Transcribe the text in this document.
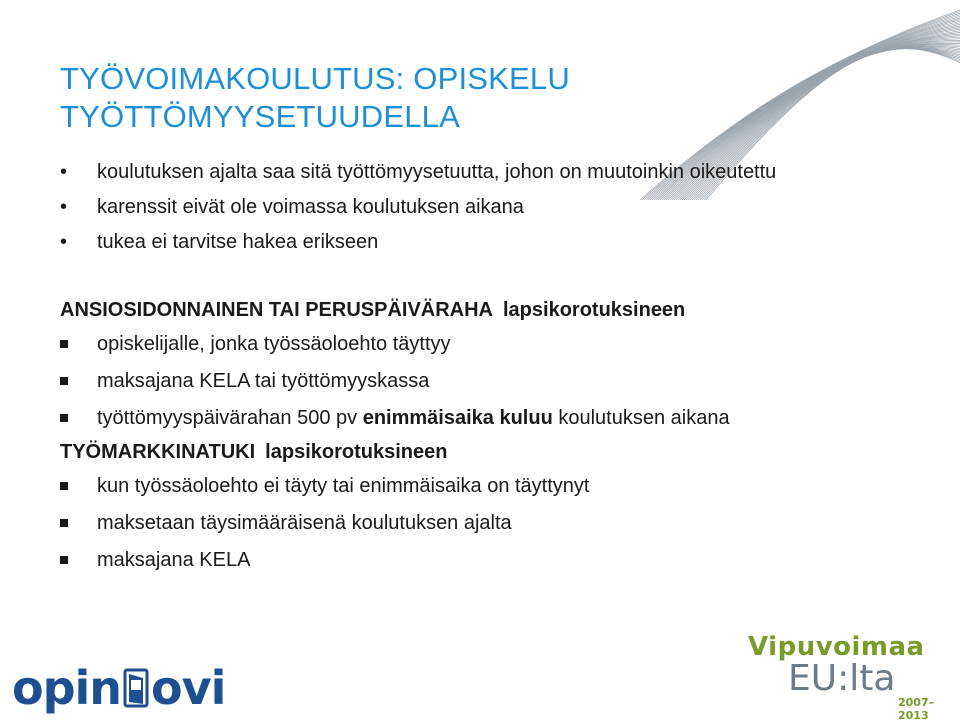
TYÖVOIMAKOULUTUS: OPISKELU
TYÖTTÖMYYSETUUDELLA
• koulutuksen ajalta saa sitä työttömyysetuutta, johon on muutoinkin oikeutettu
• karenssit eivät ole voimassa koulutuksen aikana
• tukea ei tarvitse hakea erikseen
ANSIOSIDONNAINEN TAI PERUSPÄIVÄRAHA lapsikorotuksineen
opiskelijalle, jonka työssäoloehto täyttyy
maksajana KELA tai työttömyyskassa
työttömyyspäivärahan 500 pv enimmäisaika kuluu koulutuksen aikana
TYÖMARKKINATUKI lapsikorotuksineen
kun työssäoloehto ei täyty tai enimmäisaika on täyttynyt
maksetaan täysimääräisenä koulutuksen ajalta
maksajana KELA
opin ovi
Vipuvoimaa
EU:lta
2007–2013
